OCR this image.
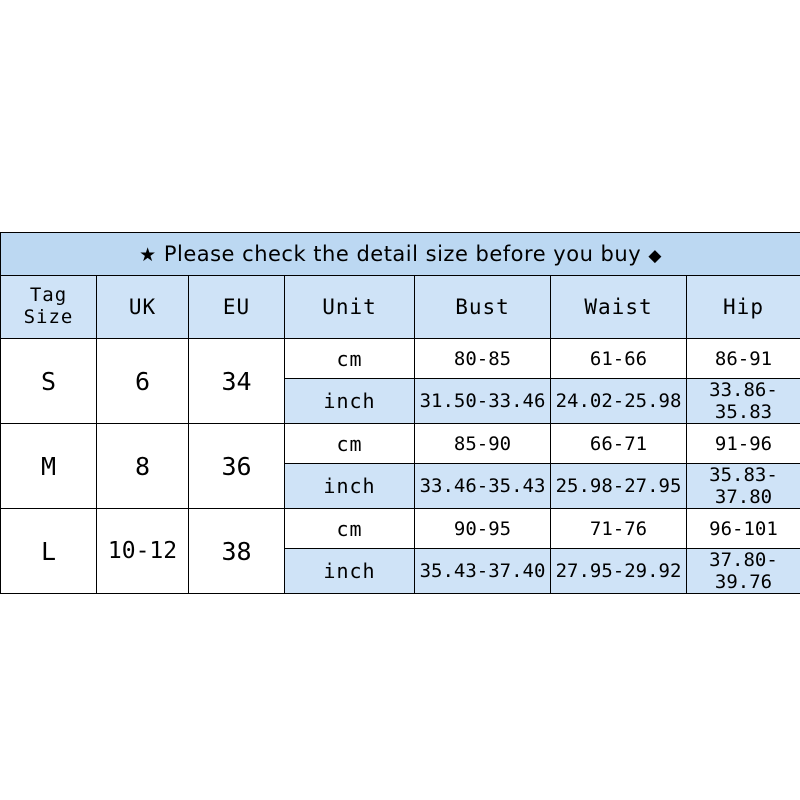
★ Please check the detail size before you buy ◆						
Tag
Size	UK	EU	Unit	Bust	Waist	Hip
S	6	34	cm	80-85	61-66	86-91
			inch	31.50-33.46	24.02-25.98	33.86-35.83
M	8	36	cm	85-90	66-71	91-96
			inch	33.46-35.43	25.98-27.95	35.83-37.80
L	10-12	38	cm	90-95	71-76	96-101
			inch	35.43-37.40	27.95-29.92	37.80-39.76
